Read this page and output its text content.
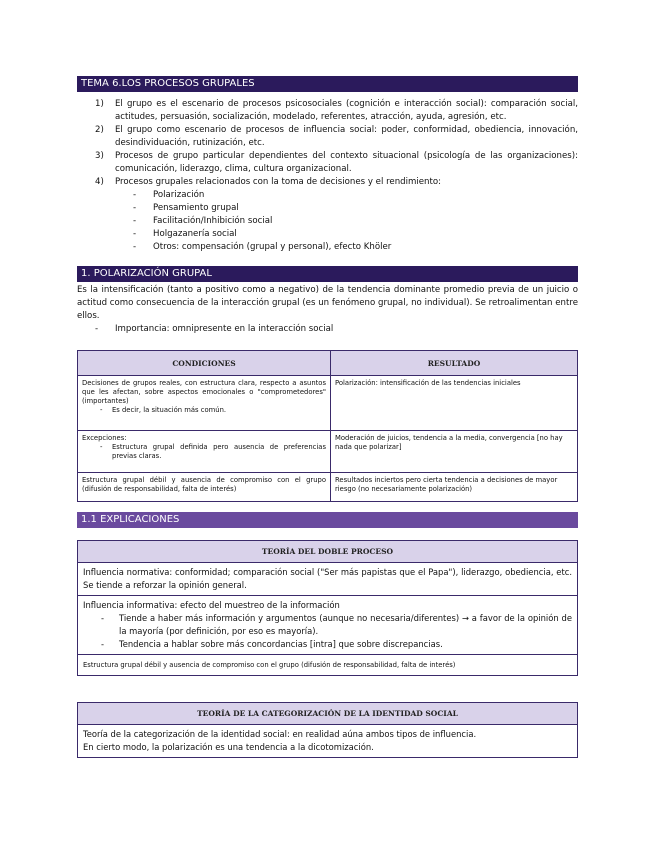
TEMA 6.LOS PROCESOS GRUPALES
1)	El grupo es el escenario de procesos psicosociales (cognición e interacción social): comparación social, actitudes, persuasión, socialización, modelado, referentes, atracción, ayuda, agresión, etc.
2)	El grupo como escenario de procesos de influencia social: poder, conformidad, obediencia, innovación, desindividuación, rutinización, etc.
3)	Procesos de grupo particular dependientes del contexto situacional (psicología de las organizaciones): comunicación, liderazgo, clima, cultura organizacional.
4)	Procesos grupales relacionados con la toma de decisiones y el rendimiento:
-	Polarización
-	Pensamiento grupal
-	Facilitación/Inhibición social
-	Holgazanería social
-	Otros: compensación (grupal y personal), efecto Khöler
1. POLARIZACIÓN GRUPAL
Es la intensificación (tanto a positivo como a negativo) de la tendencia dominante promedio previa de un juicio o actitud como consecuencia de la interacción grupal (es un fenómeno grupal, no individual). Se retroalimentan entre ellos.
-	Importancia: omnipresente en la interacción social
CONDICIONES	RESULTADO

Decisiones de grupos reales, con estructura clara, respecto a asuntos que les afectan, sobre aspectos emocionales o "comprometedores" (importantes)
- Es decir, la situación más común.	Polarización: intensificación de las tendencias iniciales

Excepciones:
- Estructura grupal definida pero ausencia de preferencias previas claras.	Moderación de juicios, tendencia a la media, convergencia [no hay nada que polarizar]
Estructura grupal débil y ausencia de compromiso con el grupo (difusión de responsabilidad, falta de interés)	Resultados inciertos pero cierta tendencia a decisiones de mayor riesgo (no necesariamente polarización)
1.1 EXPLICACIONES
TEORÍA DEL DOBLE PROCESO
Influencia normativa: conformidad; comparación social ("Ser más papistas que el Papa"), liderazgo, obediencia, etc. Se tiende a reforzar la opinión general.
Influencia informativa: efecto del muestreo de la información
-	Tiende a haber más información y argumentos (aunque no necesaria/diferentes) → a favor de la opinión de la mayoría (por definición, por eso es mayoría).
-	Tendencia a hablar sobre más concordancias [intra] que sobre discrepancias.
Estructura grupal débil y ausencia de compromiso con el grupo (difusión de responsabilidad, falta de interés)
TEORÍA DE LA CATEGORIZACIÓN DE LA IDENTIDAD SOCIAL
Teoría de la categorización de la identidad social: en realidad aúna ambos tipos de influencia.
En cierto modo, la polarización es una tendencia a la dicotomización.
